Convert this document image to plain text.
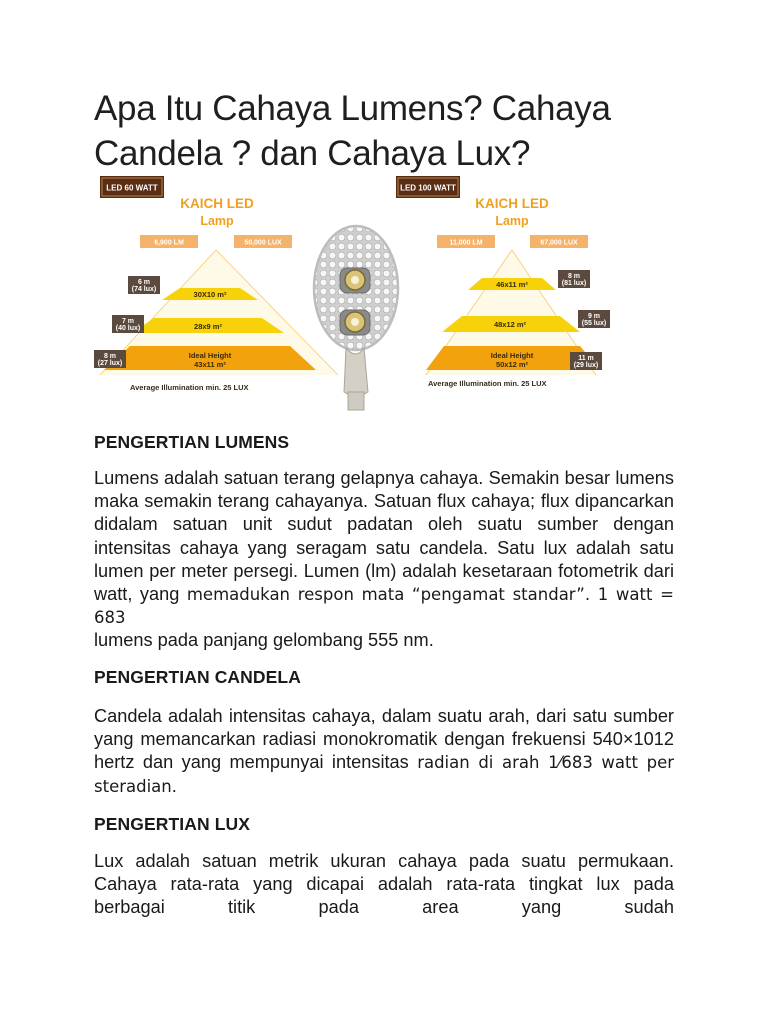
Apa Itu Cahaya Lumens? Cahaya Candela ? dan Cahaya Lux?
LED 60 WATT
KAICH LED
Lamp
6,900 LM	50,000 LUX
30X10 m²
28x9 m²
Ideal Height
43x11 m²
6 m
(74 lux)
7 m
(40 lux)
8 m
(27 lux)
Average Illumination min. 25 LUX
LED 100 WATT
KAICH LED
Lamp
11,000 LM	67,000 LUX
46x11 m²
48x12 m²
Ideal Height
50x12 m²
8 m
(81 lux)
9 m
(55 lux)
11 m
(29 lux)
Average Illumination min. 25 LUX
PENGERTIAN LUMENS

Lumens adalah satuan terang gelapnya cahaya. Semakin besar lumens maka semakin terang cahayanya. Satuan flux cahaya; flux dipancarkan didalam satuan unit sudut padatan oleh suatu sumber dengan intensitas cahaya yang seragam satu candela. Satu lux adalah satu lumen per meter persegi. Lumen (lm) adalah kesetaraan fotometrik dari watt, yang memadukan respon mata “pengamat standar”. 1 watt = 683
lumens pada panjang gelombang 555 nm.

PENGERTIAN CANDELA

Candela adalah intensitas cahaya, dalam suatu arah, dari satu sumber yang memancarkan radiasi monokromatik dengan frekuensi 540×1012 hertz dan yang mempunyai intensitas radian di arah 1⁄683 watt per steradian.

PENGERTIAN LUX

Lux adalah satuan metrik ukuran cahaya pada suatu permukaan. Cahaya rata-rata yang dicapai adalah rata-rata tingkat lux pada berbagai titik pada area yang sudah
